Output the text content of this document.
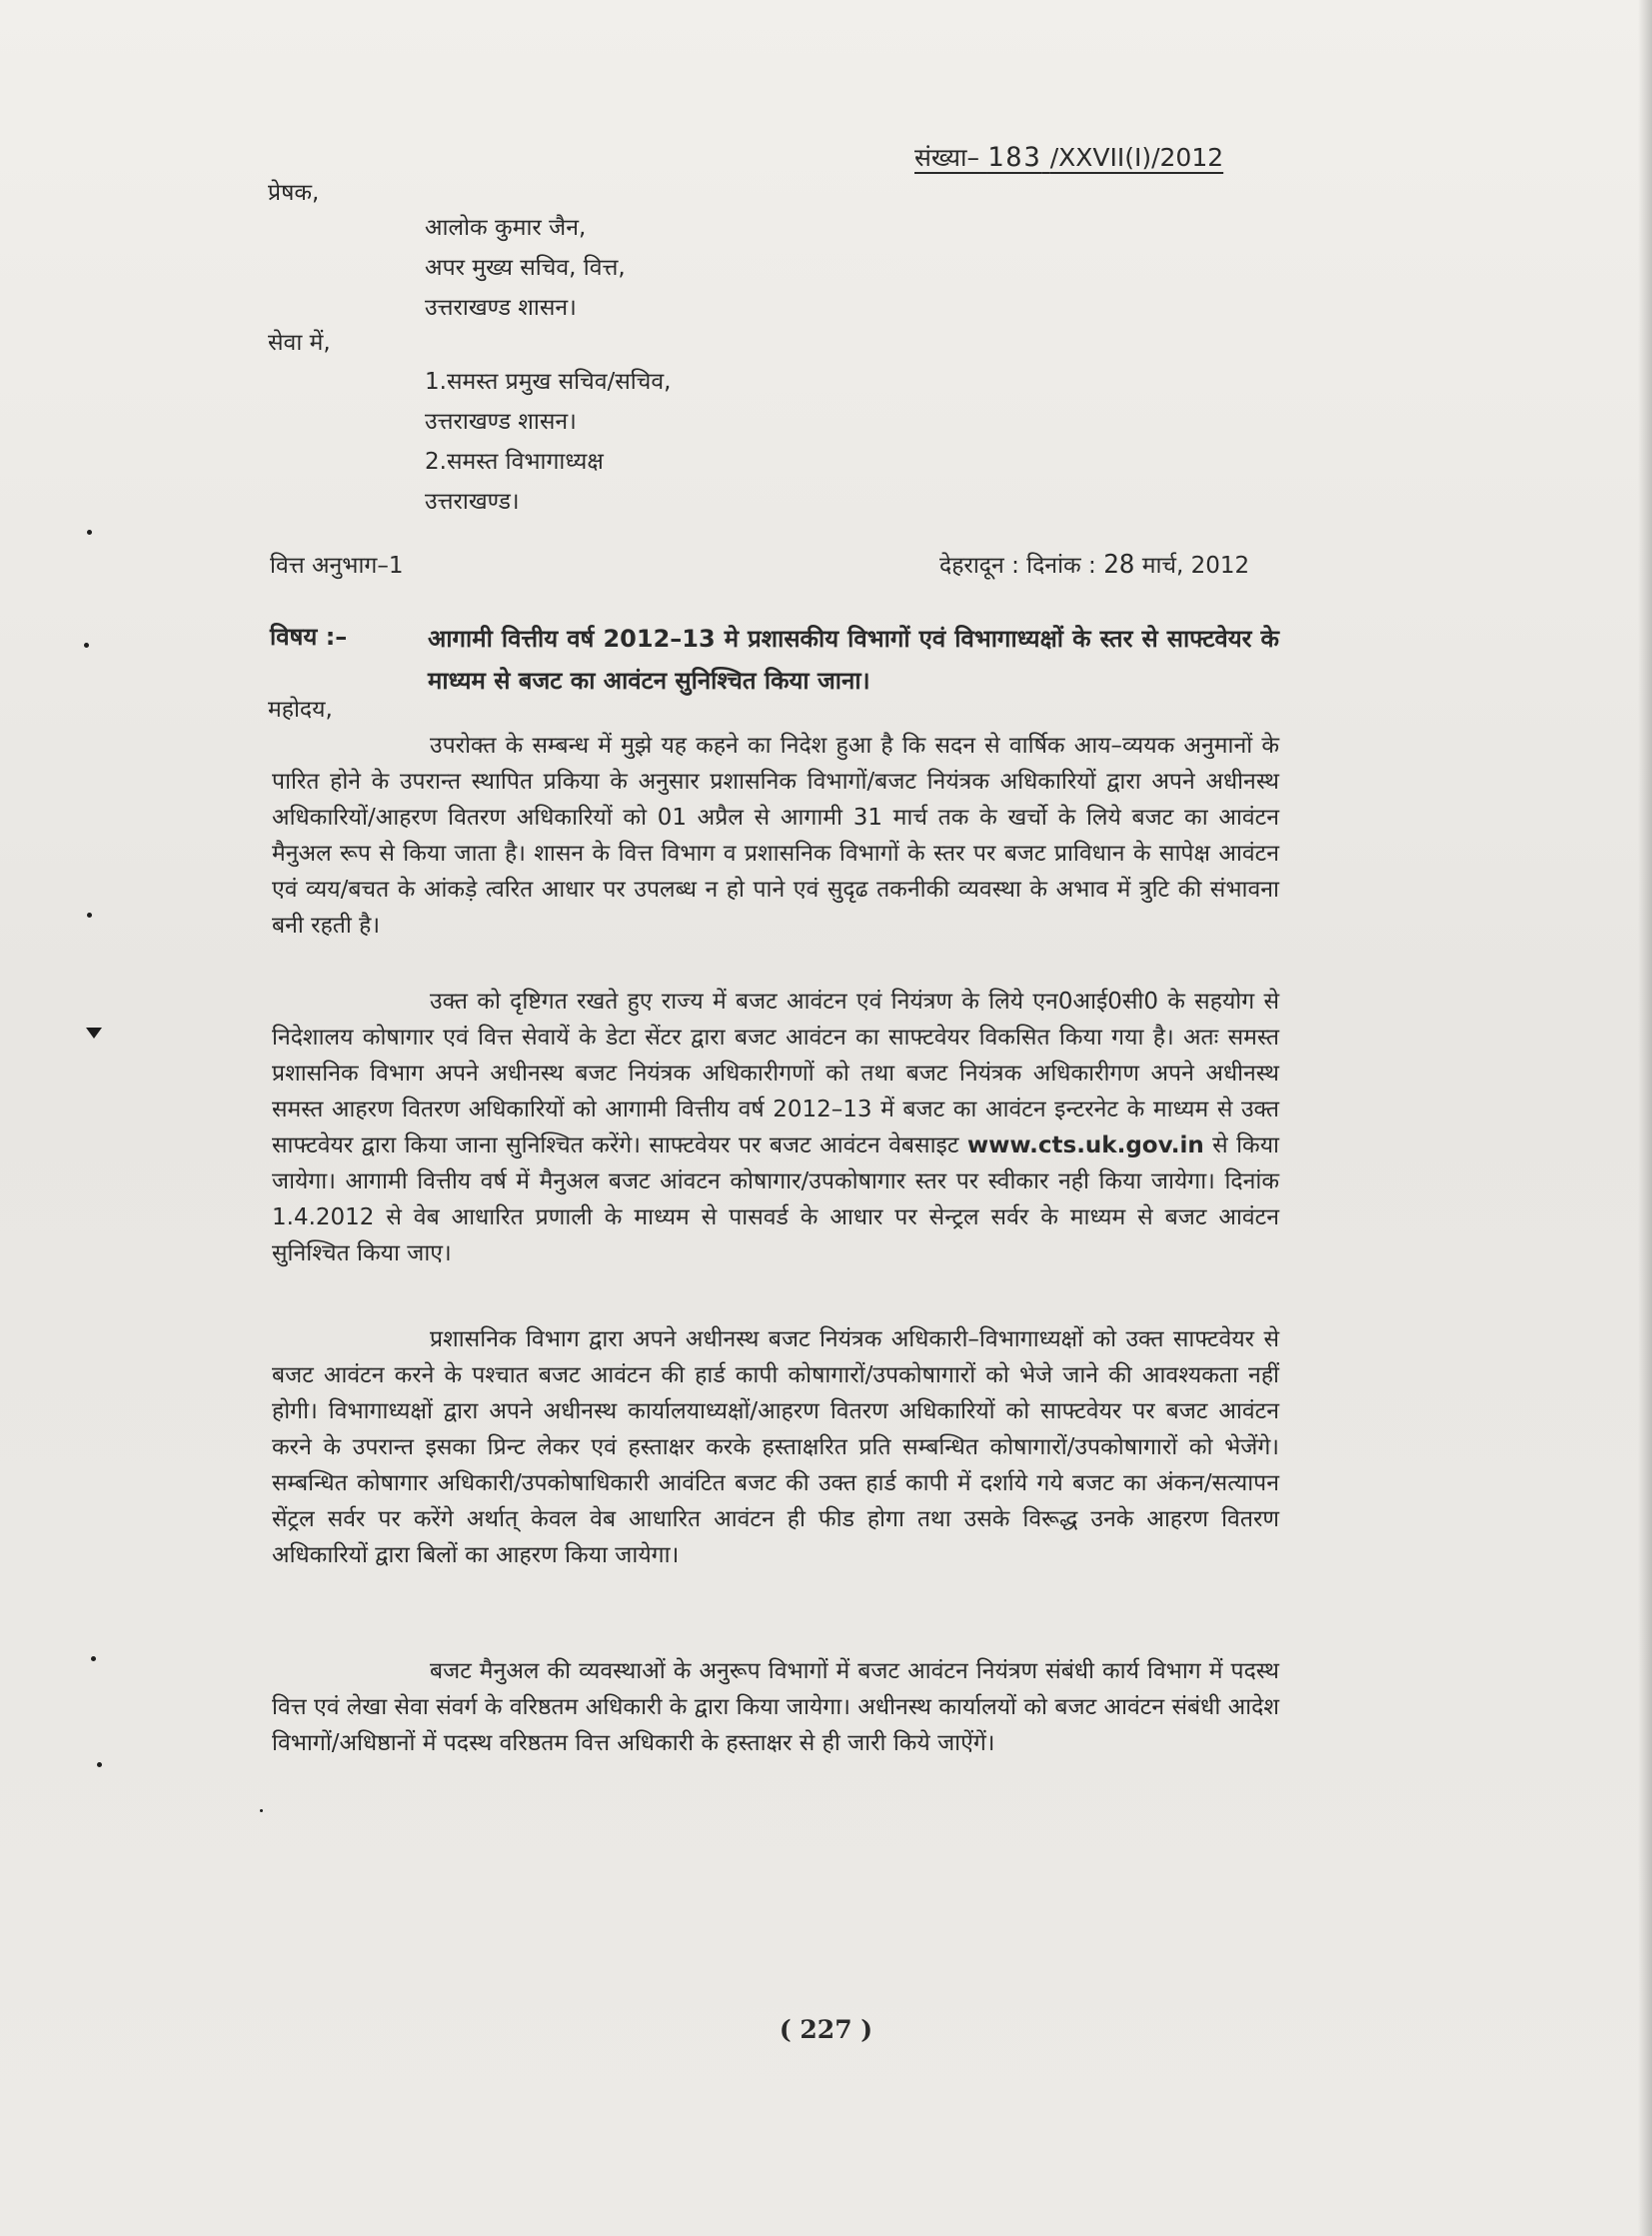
संख्या– 183 /XXVII(I)/2012
प्रेषक,
आलोक कुमार जैन,
अपर मुख्य सचिव, वित्त,
उत्तराखण्ड शासन।
सेवा में,
1.समस्त प्रमुख सचिव/सचिव,
उत्तराखण्ड शासन।
2.समस्त विभागाध्यक्ष
उत्तराखण्ड।
वित्त अनुभाग–1	देहरादून : दिनांक : 28 मार्च, 2012
विषय :–	आगामी वित्तीय वर्ष 2012–13 मे प्रशासकीय विभागों एवं विभागाध्यक्षों के स्तर से साफ्टवेयर के माध्यम से बजट का आवंटन सुनिश्चित किया जाना।
महोदय,
उपरोक्त के सम्बन्ध में मुझे यह कहने का निदेश हुआ है कि सदन से वार्षिक आय–व्ययक अनुमानों के पारित होने के उपरान्त स्थापित प्रकिया के अनुसार प्रशासनिक विभागों/बजट नियंत्रक अधिकारियों द्वारा अपने अधीनस्थ अधिकारियों/आहरण वितरण अधिकारियों को 01 अप्रैल से आगामी 31 मार्च तक के खर्चो के लिये बजट का आवंटन मैनुअल रूप से किया जाता है। शासन के वित्त विभाग व प्रशासनिक विभागों के स्तर पर बजट प्राविधान के सापेक्ष आवंटन एवं व्यय/बचत के आंकड़े त्वरित आधार पर उपलब्ध न हो पाने एवं सुदृढ तकनीकी व्यवस्था के अभाव में त्रुटि की संभावना बनी रहती है।
उक्त को दृष्टिगत रखते हुए राज्य में बजट आवंटन एवं नियंत्रण के लिये एन0आई0सी0 के सहयोग से निदेशालय कोषागार एवं वित्त सेवायें के डेटा सेंटर द्वारा बजट आवंटन का साफ्टवेयर विकसित किया गया है। अतः समस्त प्रशासनिक विभाग अपने अधीनस्थ बजट नियंत्रक अधिकारीगणों को तथा बजट नियंत्रक अधिकारीगण अपने अधीनस्थ समस्त आहरण वितरण अधिकारियों को आगामी वित्तीय वर्ष 2012–13 में बजट का आवंटन इन्टरनेट के माध्यम से उक्त साफ्टवेयर द्वारा किया जाना सुनिश्चित करेंगे। साफ्टवेयर पर बजट आवंटन वेबसाइट www.cts.uk.gov.in से किया जायेगा। आगामी वित्तीय वर्ष में मैनुअल बजट आंवटन कोषागार/उपकोषागार स्तर पर स्वीकार नही किया जायेगा। दिनांक 1.4.2012 से वेब आधारित प्रणाली के माध्यम से पासवर्ड के आधार पर सेन्ट्रल सर्वर के माध्यम से बजट आवंटन सुनिश्चित किया जाए।
प्रशासनिक विभाग द्वारा अपने अधीनस्थ बजट नियंत्रक अधिकारी–विभागाध्यक्षों को उक्त साफ्टवेयर से बजट आवंटन करने के पश्चात बजट आवंटन की हार्ड कापी कोषागारों/उपकोषागारों को भेजे जाने की आवश्यकता नहीं होगी। विभागाध्यक्षों द्वारा अपने अधीनस्थ कार्यालयाध्यक्षों/आहरण वितरण अधिकारियों को साफ्टवेयर पर बजट आवंटन करने के उपरान्त इसका प्रिन्ट लेकर एवं हस्ताक्षर करके हस्ताक्षरित प्रति सम्बन्धित कोषागारों/उपकोषागारों को भेजेंगे। सम्बन्धित कोषागार अधिकारी/उपकोषाधिकारी आवंटित बजट की उक्त हार्ड कापी में दर्शाये गये बजट का अंकन/सत्यापन सेंट्रल सर्वर पर करेंगे अर्थात् केवल वेब आधारित आवंटन ही फीड होगा तथा उसके विरूद्ध उनके आहरण वितरण अधिकारियों द्वारा बिलों का आहरण किया जायेगा।
बजट मैनुअल की व्यवस्थाओं के अनुरूप विभागों में बजट आवंटन नियंत्रण संबंधी कार्य विभाग में पदस्थ वित्त एवं लेखा सेवा संवर्ग के वरिष्ठतम अधिकारी के द्वारा किया जायेगा। अधीनस्थ कार्यालयों को बजट आवंटन संबंधी आदेश विभागों/अधिष्ठानों में पदस्थ वरिष्ठतम वित्त अधिकारी के हस्ताक्षर से ही जारी किये जाऐंगें।
( 227 )
